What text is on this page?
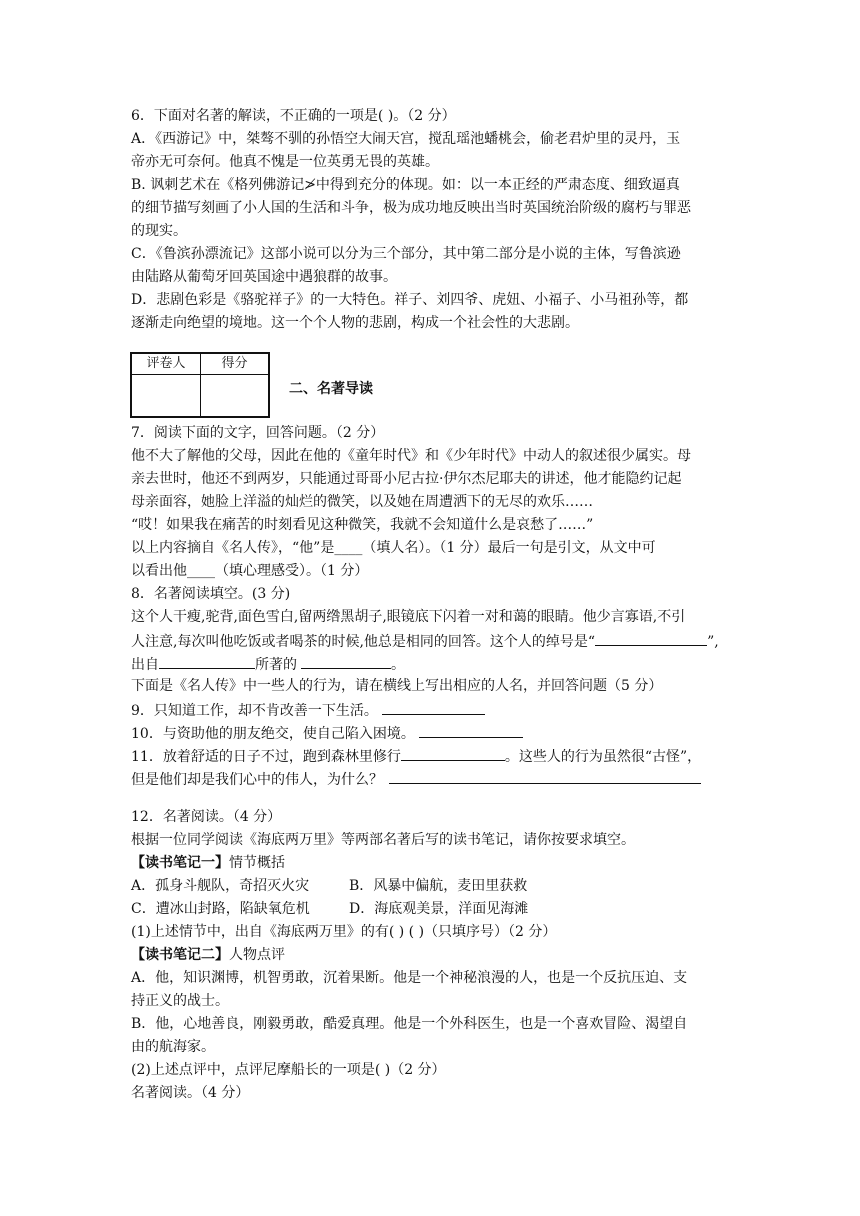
6．下面对名著的解读，不正确的一项是( )。（2 分）
A．《西游记》中，桀骜不驯的孙悟空大闹天宫，搅乱瑶池蟠桃会，偷老君炉里的灵丹，玉
帝亦无可奈何。他真不愧是一位英勇无畏的英雄。
B. 讽刺艺术在《格列佛游记≯中得到充分的体现。如：以一本正经的严肃态度、细致逼真
的细节描写刻画了小人国的生活和斗争，极为成功地反映出当时英国统治阶级的腐朽与罪恶
的现实。
C．《鲁滨孙漂流记》这部小说可以分为三个部分，其中第二部分是小说的主体，写鲁滨逊
由陆路从葡萄牙回英国途中遇狼群的故事。
D．悲剧色彩是《骆驼祥子》的一大特色。祥子、刘四爷、虎妞、小福子、小马祖孙等，都
逐渐走向绝望的境地。这一个个人物的悲剧，构成一个社会性的大悲剧。
评卷人	得分
二、名著导读
7．阅读下面的文字，回答问题。（2 分）
他不大了解他的父母，因此在他的《童年时代》和《少年时代》中动人的叙述很少属实。母
亲去世时，他还不到两岁，只能通过哥哥小尼古拉·伊尔杰尼耶夫的讲述，他才能隐约记起
母亲面容，她脸上洋溢的灿烂的微笑，以及她在周遭洒下的无尽的欢乐……
“哎！如果我在痛苦的时刻看见这种微笑，我就不会知道什么是哀愁了……”
以上内容摘自《名人传》，“他”是____（填人名）。（1 分）最后一句是引文，从文中可
以看出他____（填心理感受）。（1 分）
8．名著阅读填空。(3 分)
这个人干瘦,驼背,面色雪白,留两绺黑胡子,眼镜底下闪着一对和蔼的眼睛。他少言寡语,不引
人注意,每次叫他吃饭或者喝茶的时候,他总是相同的回答。这个人的绰号是“	”,
出自	所著的	。
下面是《名人传》中一些人的行为，请在横线上写出相应的人名，并回答问题（5 分）
9．只知道工作，却不肯改善一下生活。
10．与资助他的朋友绝交，使自己陷入困境。
11．放着舒适的日子不过，跑到森林里修行	。这些人的行为虽然很“古怪”，
但是他们却是我们心中的伟人，为什么？
12．名著阅读。（4 分）
根据一位同学阅读《海底两万里》等两部名著后写的读书笔记，请你按要求填空。
【读书笔记一】情节概括
A．孤身斗舰队，奇招灭火灾	B．风暴中偏航，麦田里获救
C．遭冰山封路，陷缺氧危机	D．海底观美景，洋面见海滩
(1)上述情节中，出自《海底两万里》的有( ) ( )（只填序号）（2 分）
【读书笔记二】人物点评
A．他，知识渊博，机智勇敢，沉着果断。他是一个神秘浪漫的人，也是一个反抗压迫、支
持正义的战士。
B．他，心地善良，刚毅勇敢，酷爱真理。他是一个外科医生，也是一个喜欢冒险、渴望自
由的航海家。
(2)上述点评中，点评尼摩船长的一项是( )（2 分）
名著阅读。（4 分）
